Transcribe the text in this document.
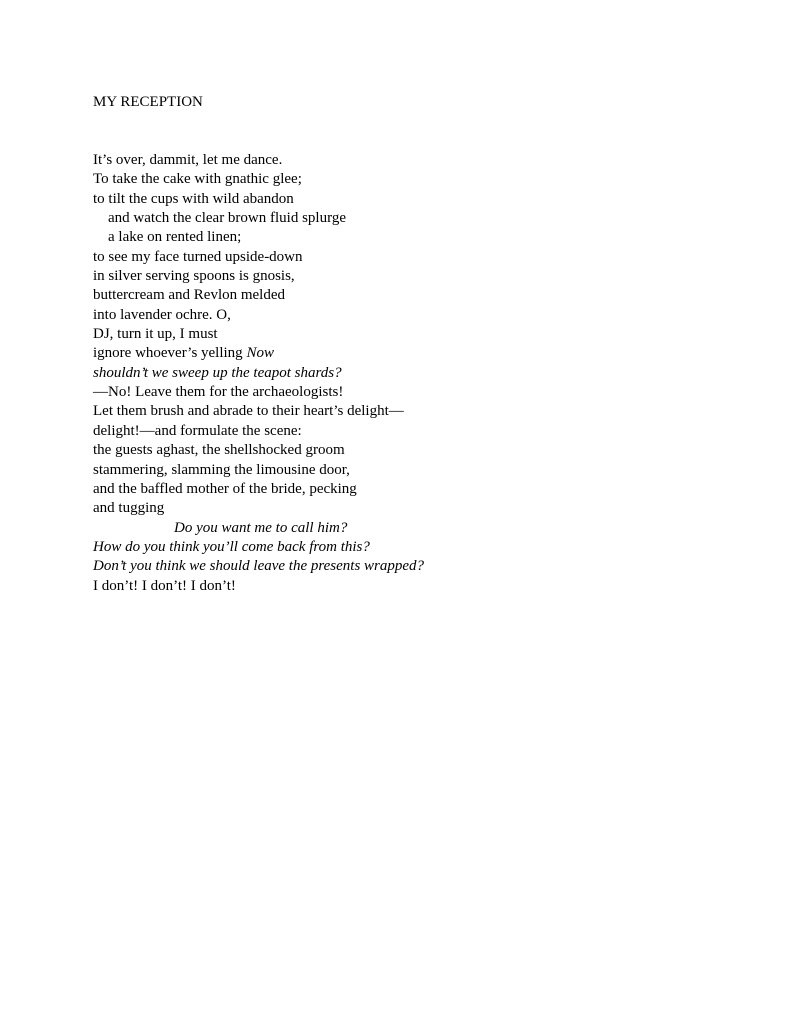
MY RECEPTION
It’s over, dammit, let me dance.
To take the cake with gnathic glee;
to tilt the cups with wild abandon
and watch the clear brown fluid splurge
a lake on rented linen;
to see my face turned upside-down
in silver serving spoons is gnosis,
buttercream and Revlon melded
into lavender ochre. O,
DJ, turn it up, I must
ignore whoever’s yelling Now
shouldn’t we sweep up the teapot shards?
—No! Leave them for the archaeologists!
Let them brush and abrade to their heart’s delight—
delight!—and formulate the scene:
the guests aghast, the shellshocked groom
stammering, slamming the limousine door,
and the baffled mother of the bride, pecking
and tugging
Do you want me to call him?
How do you think you’ll come back from this?
Don’t you think we should leave the presents wrapped?
I don’t! I don’t! I don’t!
